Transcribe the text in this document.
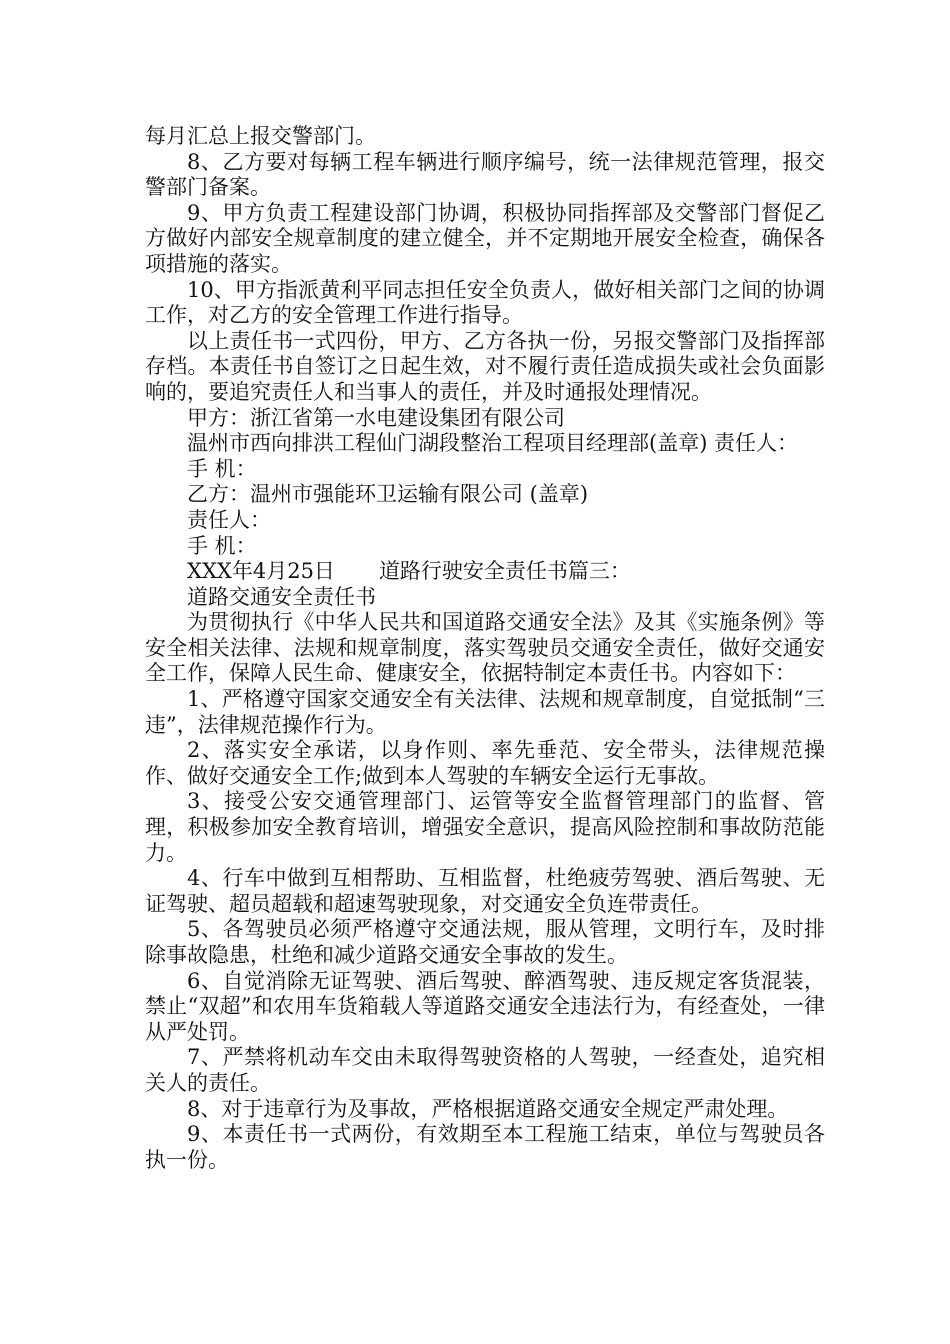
每月汇总上报交警部门。

8、乙方要对每辆工程车辆进行顺序编号，统一法律规范管理，报交警部门备案。

9、甲方负责工程建设部门协调，积极协同指挥部及交警部门督促乙方做好内部安全规章制度的建立健全，并不定期地开展安全检查，确保各项措施的落实。

10、甲方指派黄利平同志担任安全负责人，做好相关部门之间的协调工作，对乙方的安全管理工作进行指导。

以上责任书一式四份，甲方、乙方各执一份，另报交警部门及指挥部存档。本责任书自签订之日起生效，对不履行责任造成损失或社会负面影响的，要追究责任人和当事人的责任，并及时通报处理情况。

甲方：浙江省第一水电建设集团有限公司

温州市西向排洪工程仙门湖段整治工程项目经理部(盖章) 责任人：

手 机：

乙方：温州市强能环卫运输有限公司 (盖章)

责任人：

手 机：

XXX年4月25日 道路行驶安全责任书篇三：

道路交通安全责任书

为贯彻执行《中华人民共和国道路交通安全法》及其《实施条例》等安全相关法律、法规和规章制度，落实驾驶员交通安全责任，做好交通安全工作，保障人民生命、健康安全，依据特制定本责任书。内容如下：

1、严格遵守国家交通安全有关法律、法规和规章制度，自觉抵制“三违”，法律规范操作行为。

2、落实安全承诺，以身作则、率先垂范、安全带头，法律规范操作、做好交通安全工作;做到本人驾驶的车辆安全运行无事故。

3、接受公安交通管理部门、运管等安全监督管理部门的监督、管理，积极参加安全教育培训，增强安全意识，提高风险控制和事故防范能力。

4、行车中做到互相帮助、互相监督，杜绝疲劳驾驶、酒后驾驶、无证驾驶、超员超载和超速驾驶现象，对交通安全负连带责任。

5、各驾驶员必须严格遵守交通法规，服从管理，文明行车，及时排除事故隐患，杜绝和减少道路交通安全事故的发生。

6、自觉消除无证驾驶、酒后驾驶、醉酒驾驶、违反规定客货混装，禁止“双超”和农用车货箱载人等道路交通安全违法行为，有经查处，一律从严处罚。

7、严禁将机动车交由未取得驾驶资格的人驾驶，一经查处，追究相关人的责任。

8、对于违章行为及事故，严格根据道路交通安全规定严肃处理。

9、本责任书一式两份，有效期至本工程施工结束，单位与驾驶员各执一份。
